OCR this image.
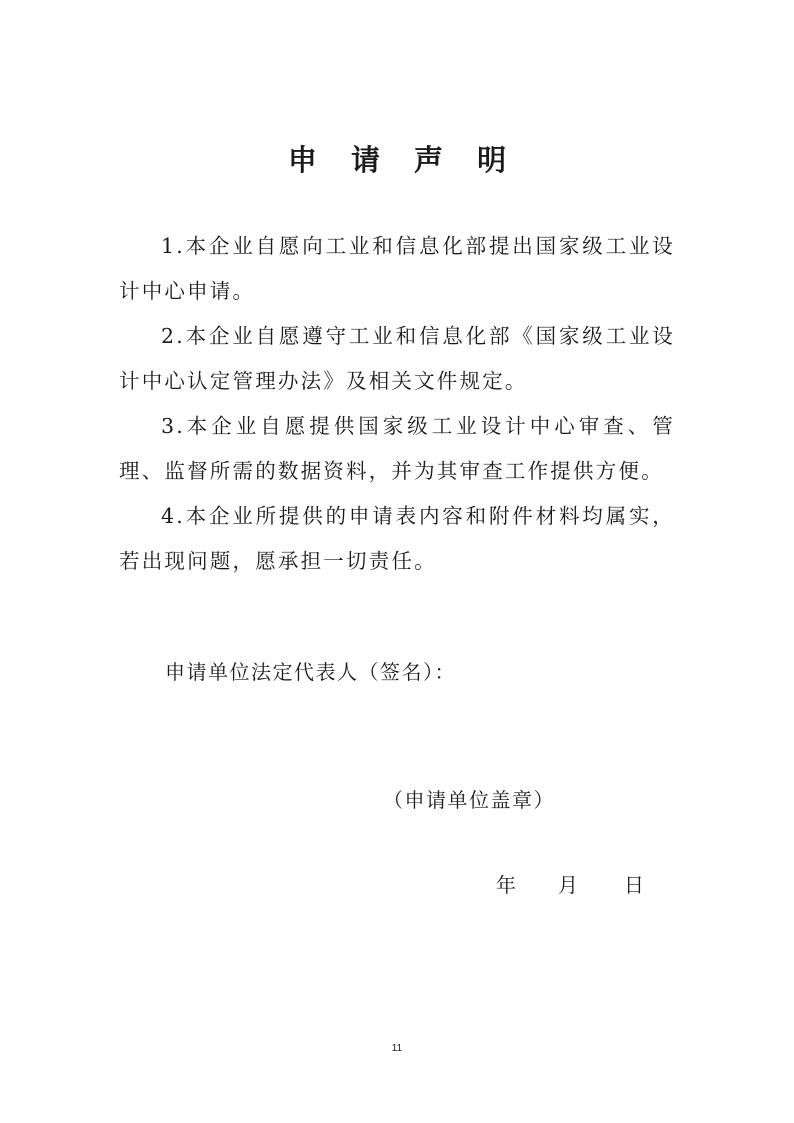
申 请 声 明

1.本企业自愿向工业和信息化部提出国家级工业设计中心申请。

2.本企业自愿遵守工业和信息化部《国家级工业设计中心认定管理办法》及相关文件规定。

3.本企业自愿提供国家级工业设计中心审查、管理、监督所需的数据资料，并为其审查工作提供方便。

4.本企业所提供的申请表内容和附件材料均属实，若出现问题，愿承担一切责任。

申请单位法定代表人（签名）：
（申请单位盖章）
年 月 日
11
